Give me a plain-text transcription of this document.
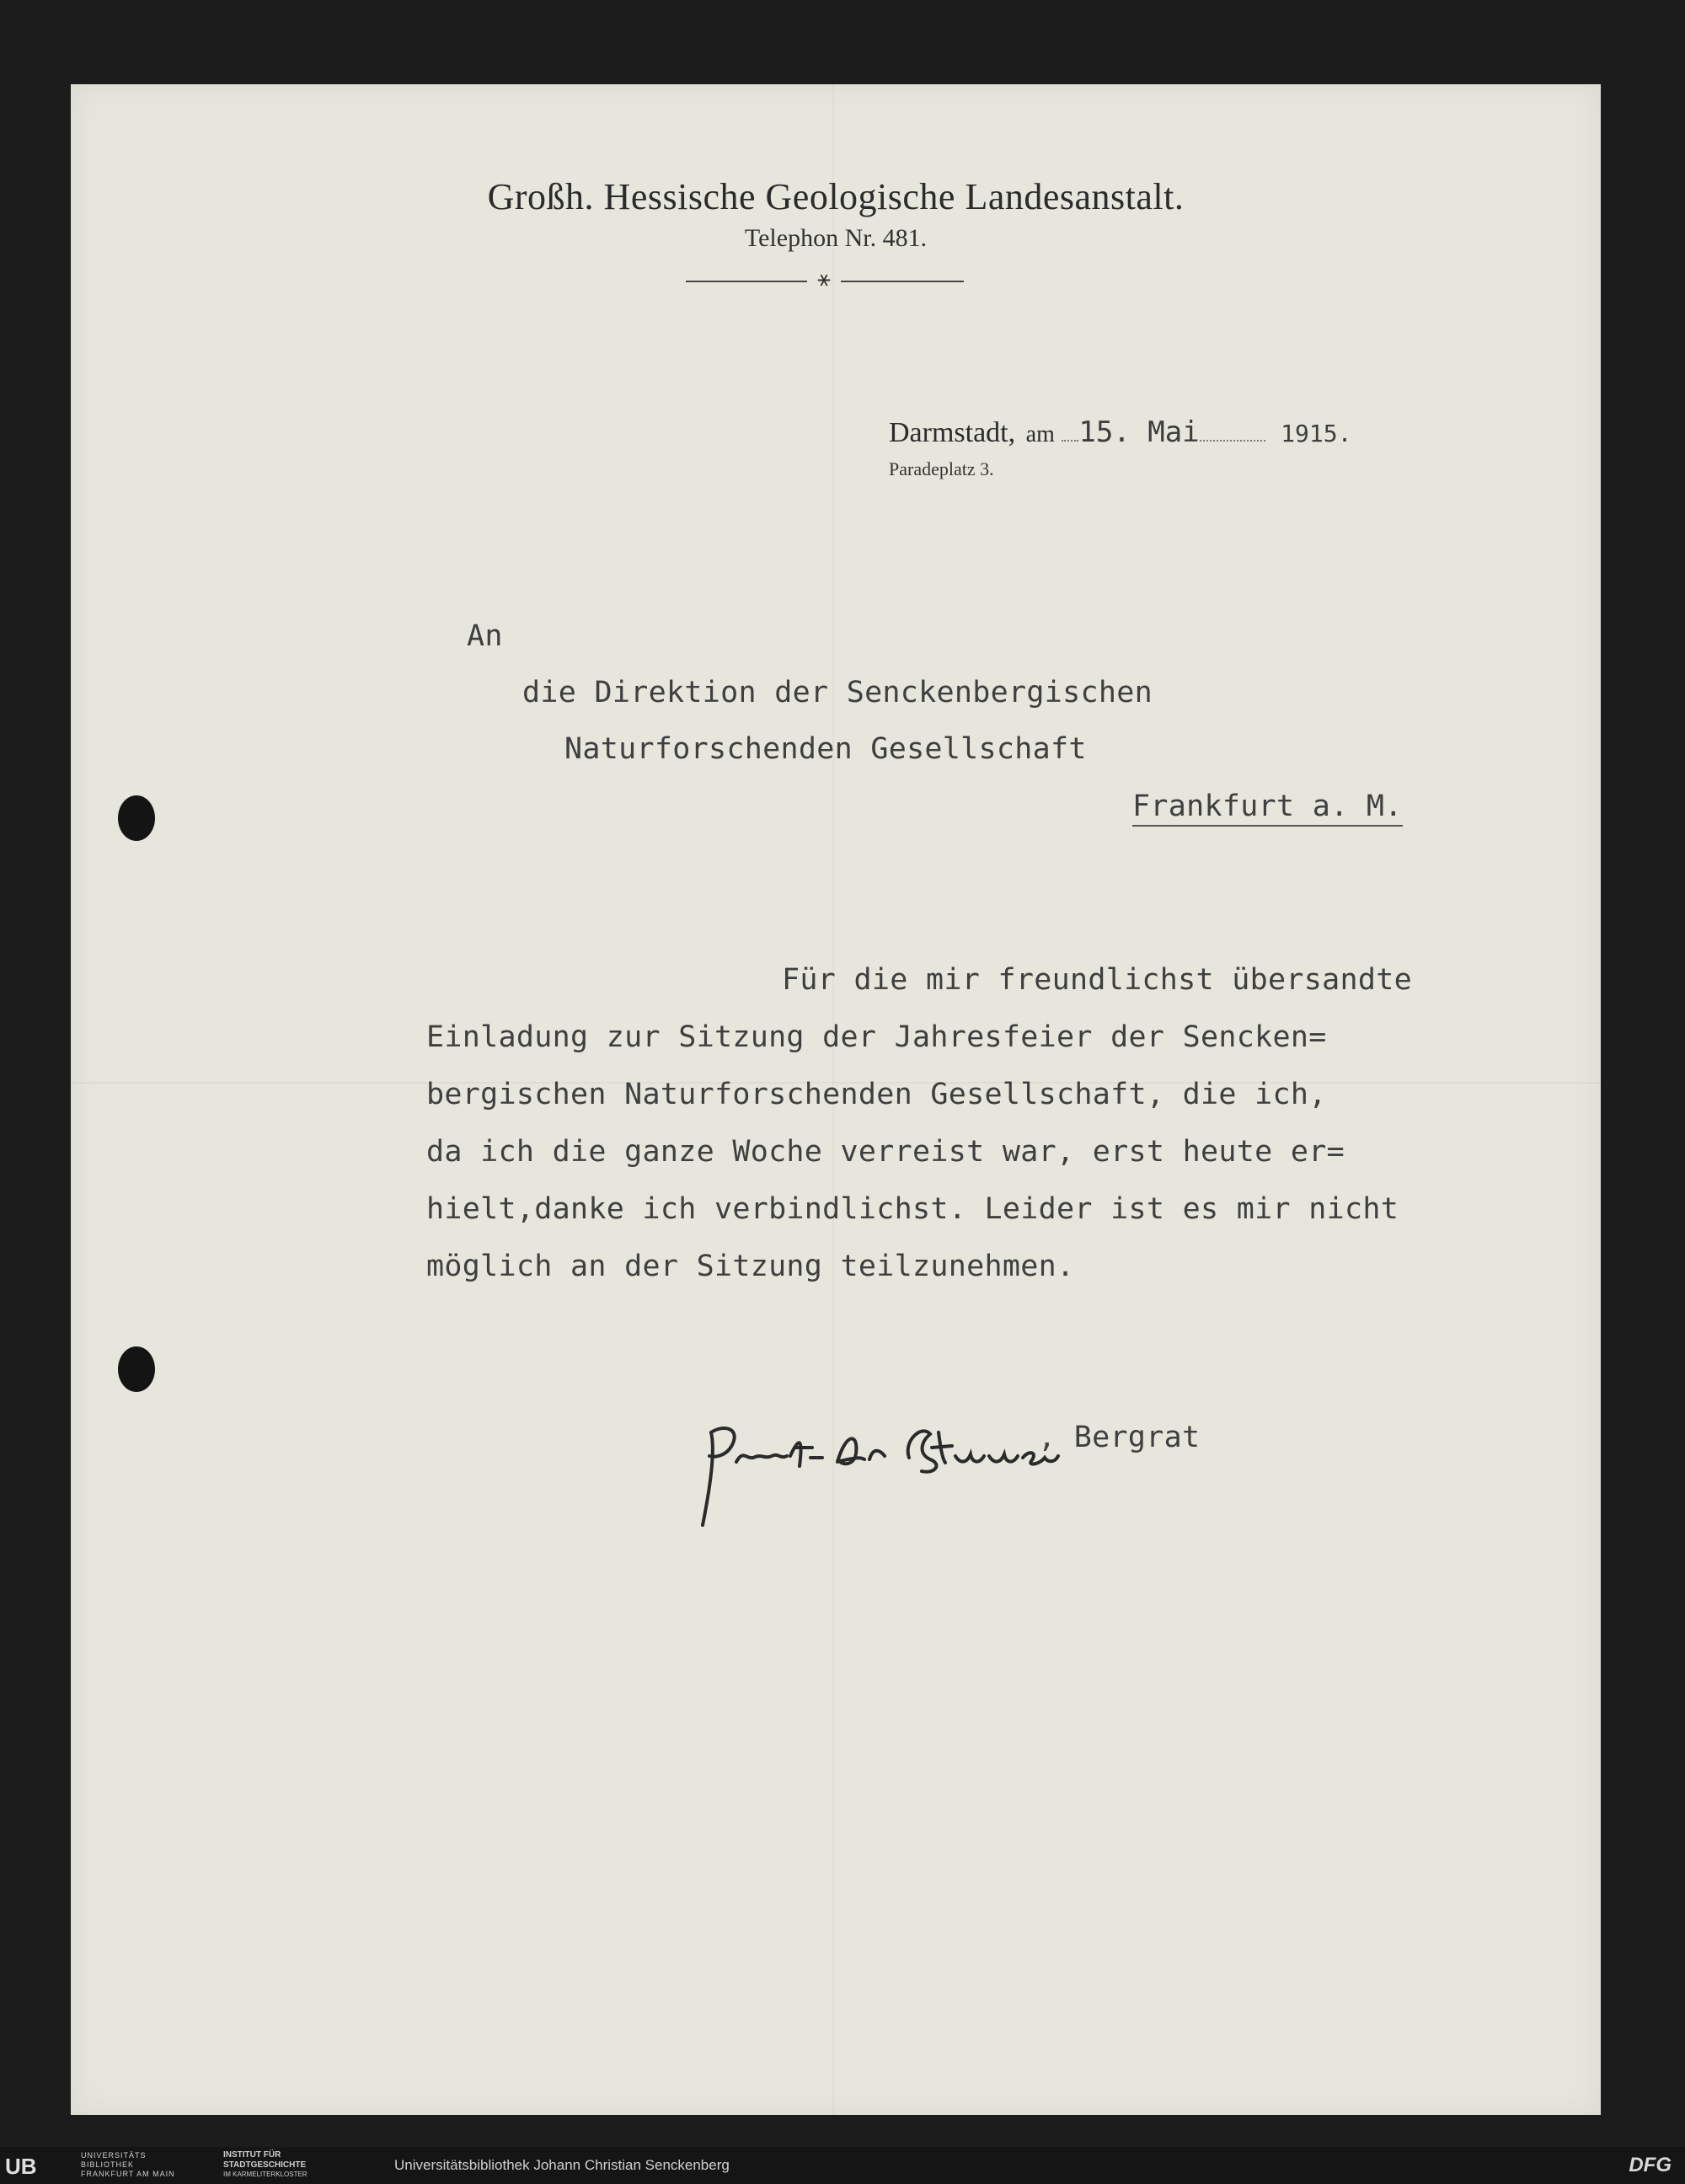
Großh. Hessische Geologische Landesanstalt.
Telephon Nr. 481.
⚹
Darmstadt, am 15. Mai	1915.
Paradeplatz 3.
An
die Direktion der Senckenbergischen
Naturforschenden Gesellschaft
Frankfurt a. M.
Für die mir freundlichst übersandte
Einladung zur Sitzung der Jahresfeier der Sencken=
bergischen Naturforschenden Gesellschaft, die ich,
da ich die ganze Woche verreist war, erst heute er=
hielt,danke ich verbindlichst. Leider ist es mir nicht
möglich an der Sitzung teilzunehmen.
, Bergrat
UB	UNIVERSITÄTS
BIBLIOTHEK
FRANKFURT AM MAIN
INSTITUT FÜR
STADTGESCHICHTE
IM KARMELITERKLOSTER
Universitätsbibliothek Johann Christian Senckenberg	DFG
